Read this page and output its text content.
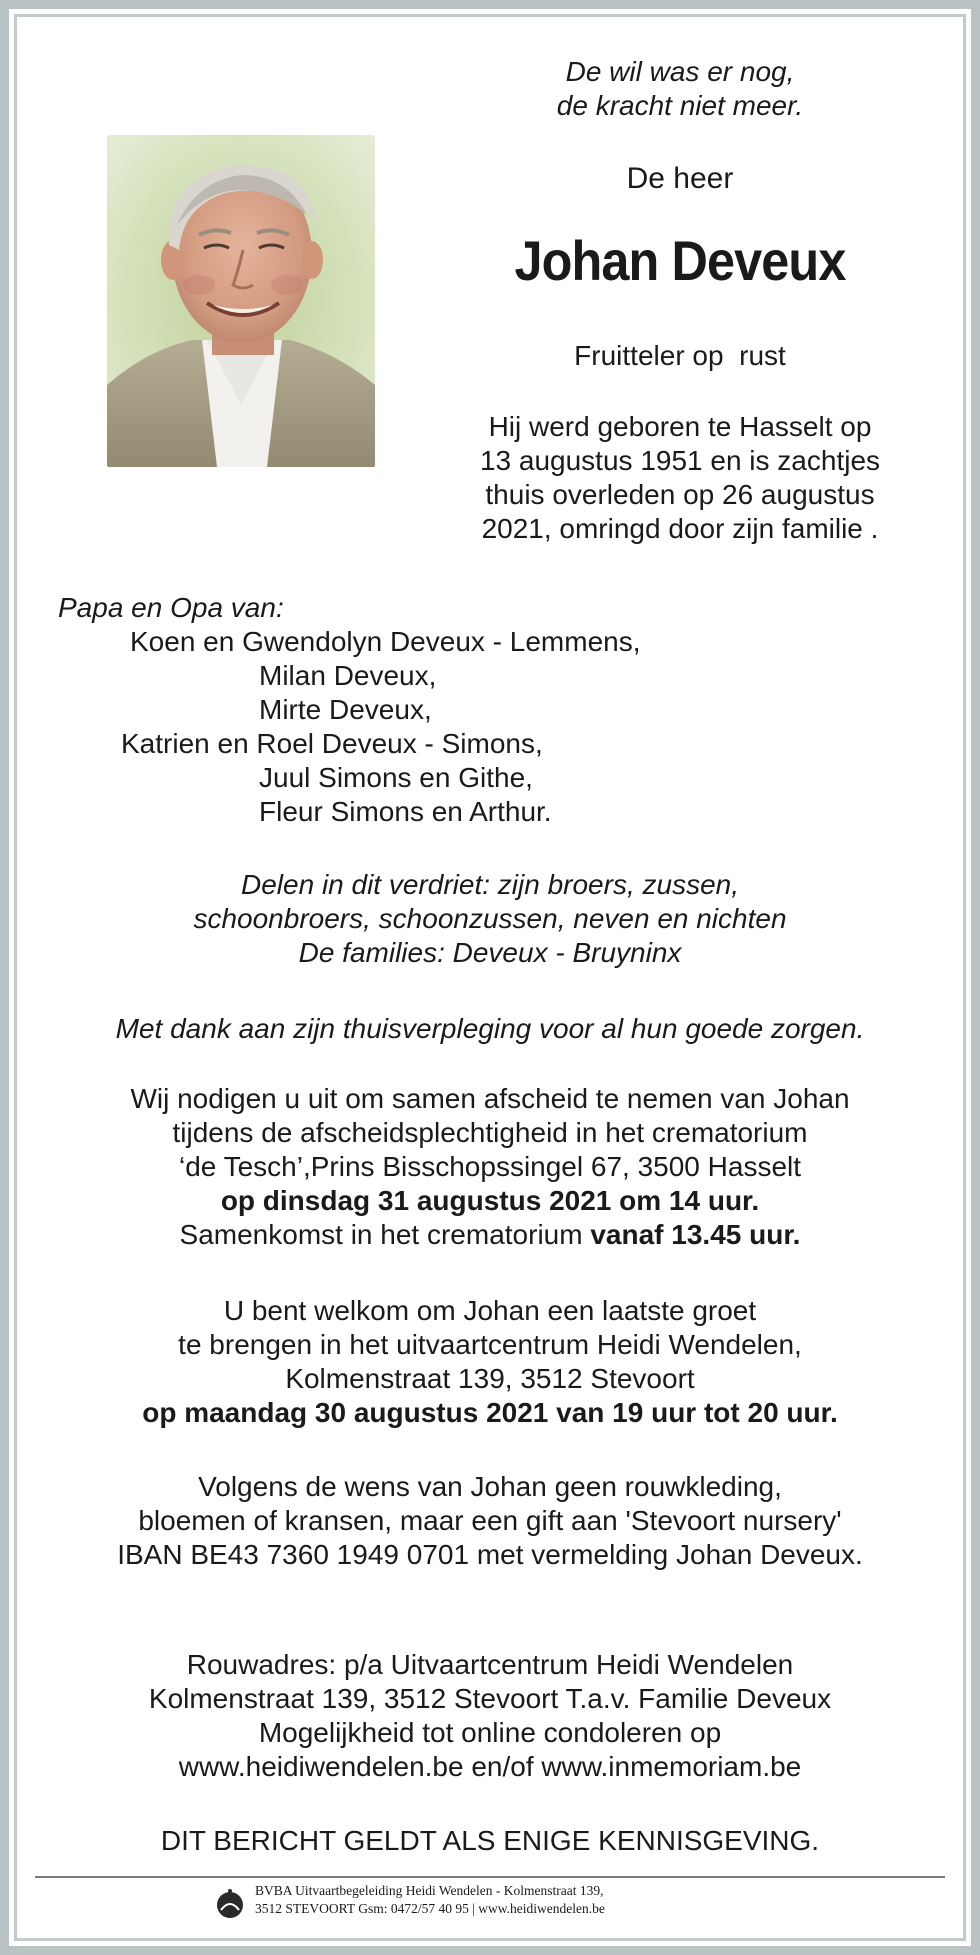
De wil was er nog,
de kracht niet meer.
De heer
Johan Deveux
Fruitteler op  rust
Hij werd geboren te Hasselt op
13 augustus 1951 en is zachtjes
thuis overleden op 26 augustus
2021, omringd door zijn familie .
Papa en Opa van:
Koen en Gwendolyn Deveux - Lemmens,
Milan Deveux,
Mirte Deveux,
Katrien en Roel Deveux - Simons,
Juul Simons en Githe,
Fleur Simons en Arthur.
Delen in dit verdriet: zijn broers, zussen,
schoonbroers, schoonzussen, neven en nichten
De families: Deveux - Bruyninx
Met dank aan zijn thuisverpleging voor al hun goede zorgen.
Wij nodigen u uit om samen afscheid te nemen van Johan
tijdens de afscheidsplechtigheid in het crematorium
‘de Tesch’,Prins Bisschopssingel 67, 3500 Hasselt
op dinsdag 31 augustus 2021 om 14 uur.
Samenkomst in het crematorium vanaf 13.45 uur.
U bent welkom om Johan een laatste groet
te brengen in het uitvaartcentrum Heidi Wendelen,
Kolmenstraat 139, 3512 Stevoort
op maandag 30 augustus 2021 van 19 uur tot 20 uur.
Volgens de wens van Johan geen rouwkleding,
bloemen of kransen, maar een gift aan 'Stevoort nursery'
IBAN BE43 7360 1949 0701 met vermelding Johan Deveux.
Rouwadres: p/a Uitvaartcentrum Heidi Wendelen
Kolmenstraat 139, 3512 Stevoort T.a.v. Familie Deveux
Mogelijkheid tot online condoleren op
www.heidiwendelen.be en/of www.inmemoriam.be
DIT BERICHT GELDT ALS ENIGE KENNISGEVING.
BVBA Uitvaartbegeleiding Heidi Wendelen - Kolmenstraat 139,
3512 STEVOORT Gsm: 0472/57 40 95 | www.heidiwendelen.be
